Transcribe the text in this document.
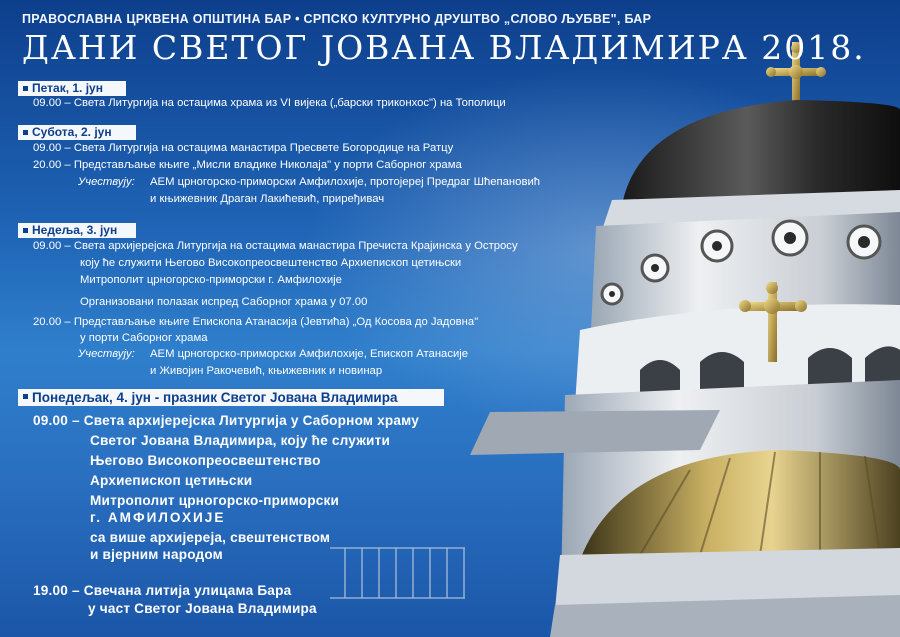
ПРАВОСЛАВНА ЦРКВЕНА ОПШТИНА БАР • СРПСКО КУЛТУРНО ДРУШТВО „СЛОВО ЉУБВЕ", БАР
ДАНИ СВЕТОГ ЈОВАНА ВЛАДИМИРА 2018.
Петак, 1. јун
09.00 – Света Литургија на остацима храма из VI вијека („барски триконхос") на Тополици
Субота, 2. јун
09.00 – Света Литургија на остацима манастира Пресвете Богородице на Ратцу
20.00 – Представљање књиге „Мисли владике Николаја" у порти Саборног храма
Учествују: АЕМ црногорско-приморски Амфилохије, протојереј Предраг Шћепановић
и књижевник Драган Лакићевић, приређивач
Недеља, 3. јун
09.00 – Света архијерејска Литургија на остацима манастира Пречиста Крајинска у Остросу
коју ће служити Његово Високопреосвештенство Архиепископ цетињски
Митрополит црногорско-приморски г. Амфилохије
Организовани полазак испред Саборног храма у 07.00
20.00 – Представљање књиге Епископа Атанасија (Јевтића) „Од Косова до Јадовна"
у порти Саборног храма
Учествују: АЕМ црногорско-приморски Амфилохије, Епископ Атанасије
и Живојин Ракочевић, књижевник и новинар
Понедељак, 4. јун - празник Светог Јована Владимира
09.00 – Света архијерејска Литургија у Саборном храму
Светог Јована Владимира, коју ће служити
Његово Високопреосвештенство
Архиепископ цетињски
Митрополит црногорско-приморски
г. АМФИЛОХИЈЕ
са више архијереја, свештенством
и вјерним народом
19.00 – Свечана литија улицама Бара
у част Светог Јована Владимира
